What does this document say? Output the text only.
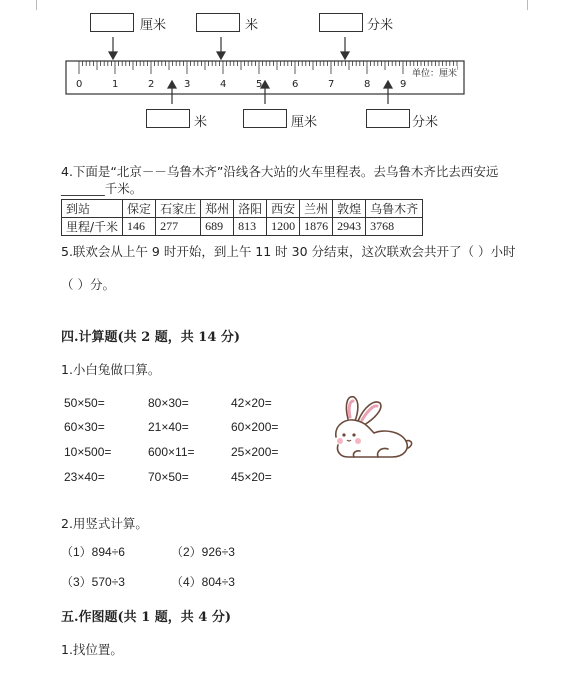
厘米	米	分米
0	1	2	3	4	5	6	7	8	9
单位：厘米
米	厘米	分米
4.下面是“北京－－乌鲁木齐”沿线各大站的火车里程表。去乌鲁木齐比去西安远
_______千米。
到站	保定	石家庄	郑州	洛阳	西安	兰州	敦煌	乌鲁木齐
里程/千米	146	277	689	813	1200	1876	2943	3768
5.联欢会从上午 9 时开始，到上午 11 时 30 分结束，这次联欢会共开了（ ）小时
（ ）分。
四.计算题(共 2 题，共 14 分)
1.小白兔做口算。
50×50=	80×30=	42×20=
60×30=	21×40=	60×200=
10×500=	600×11=	25×200=
23×40=	70×50=	45×20=
2.用竖式计算。
（1）894÷6	（2）926÷3
（3）570÷3	（4）804÷3
五.作图题(共 1 题，共 4 分)
1.找位置。
